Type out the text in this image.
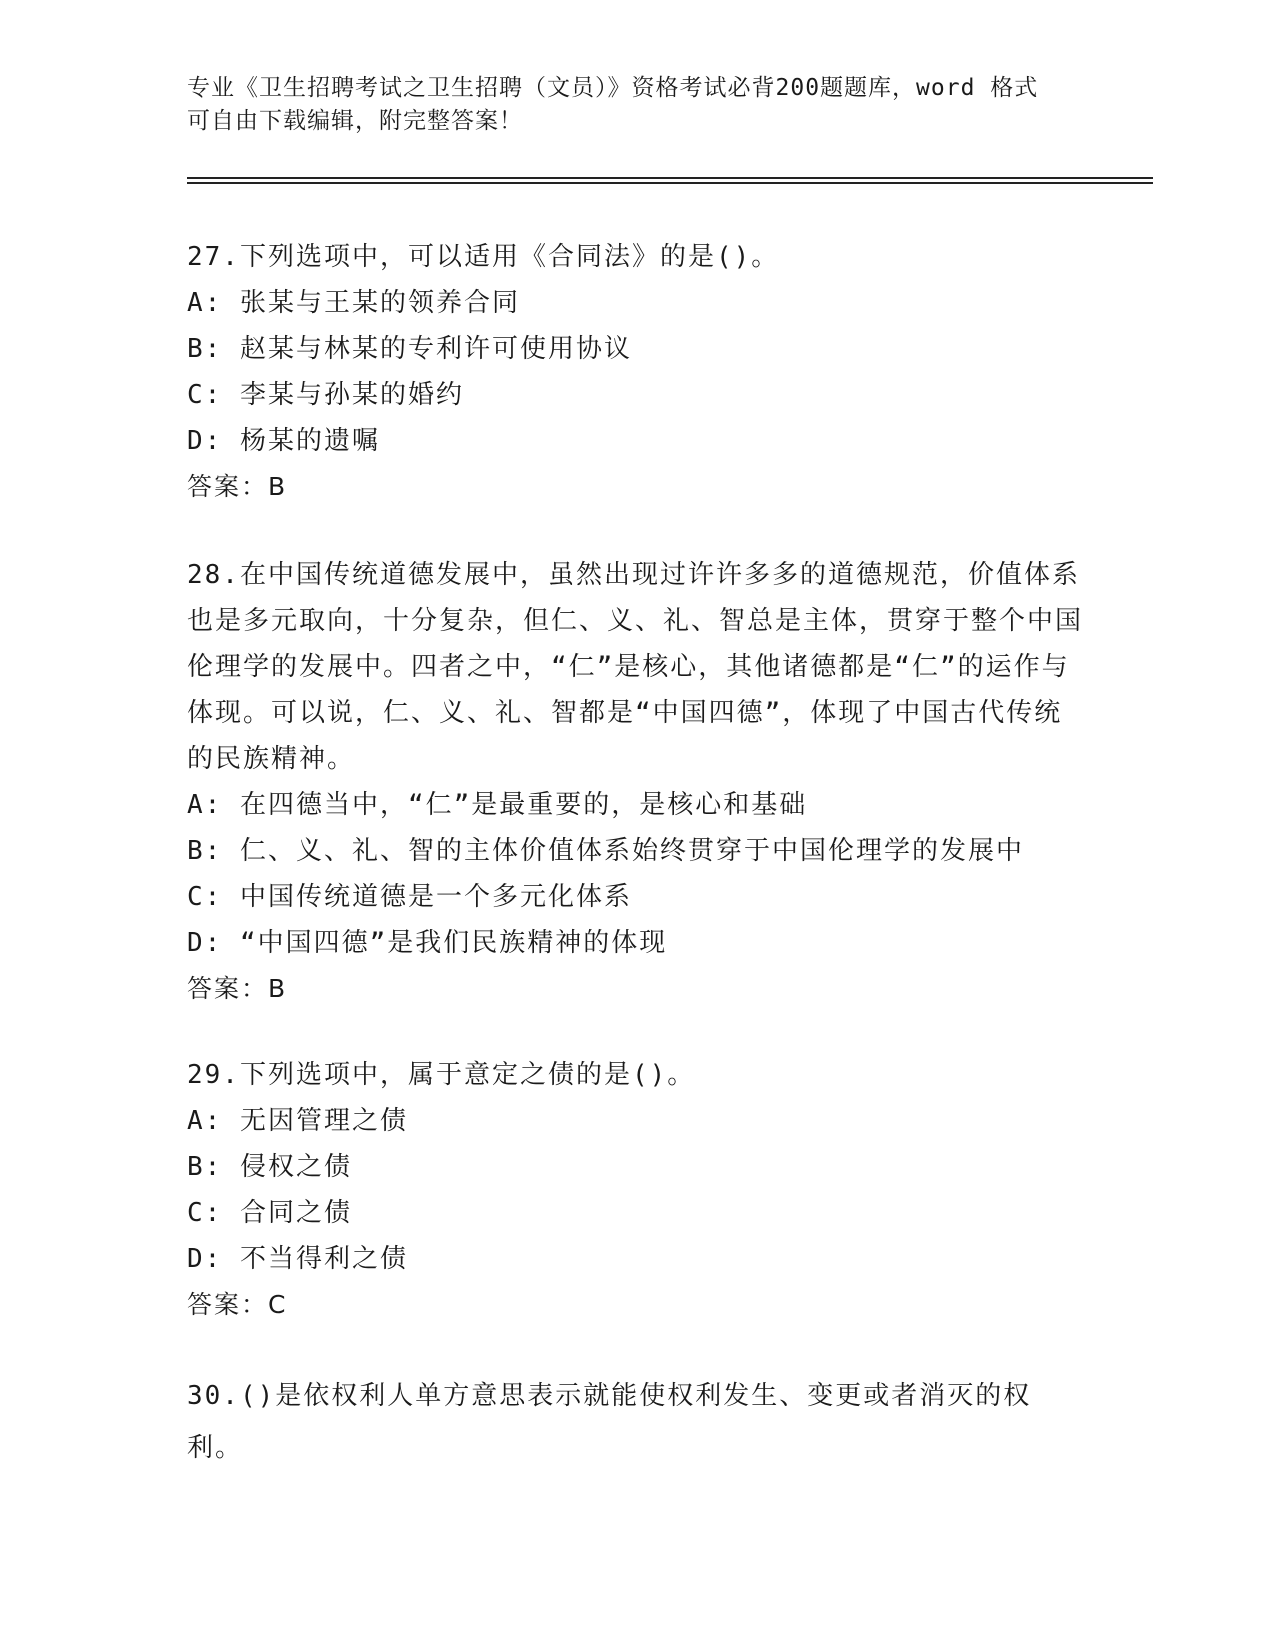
专业《卫生招聘考试之卫生招聘（文员）》资格考试必背200题题库，word 格式
可自由下载编辑，附完整答案！
27.下列选项中，可以适用《合同法》的是()。
A: 张某与王某的领养合同
B: 赵某与林某的专利许可使用协议
C: 李某与孙某的婚约
D: 杨某的遗嘱
答案：B
28.在中国传统道德发展中，虽然出现过许许多多的道德规范，价值体系也是多元取向，十分复杂，但仁、义、礼、智总是主体，贯穿于整个中国伦理学的发展中。四者之中，“仁”是核心，其他诸德都是“仁”的运作与体现。可以说，仁、义、礼、智都是“中国四德”，体现了中国古代传统的民族精神。
A: 在四德当中，“仁”是最重要的，是核心和基础
B: 仁、义、礼、智的主体价值体系始终贯穿于中国伦理学的发展中
C: 中国传统道德是一个多元化体系
D: “中国四德”是我们民族精神的体现
答案：B
29.下列选项中，属于意定之债的是()。
A: 无因管理之债
B: 侵权之债
C: 合同之债
D: 不当得利之债
答案：C
30.()是依权利人单方意思表示就能使权利发生、变更或者消灭的权利。
